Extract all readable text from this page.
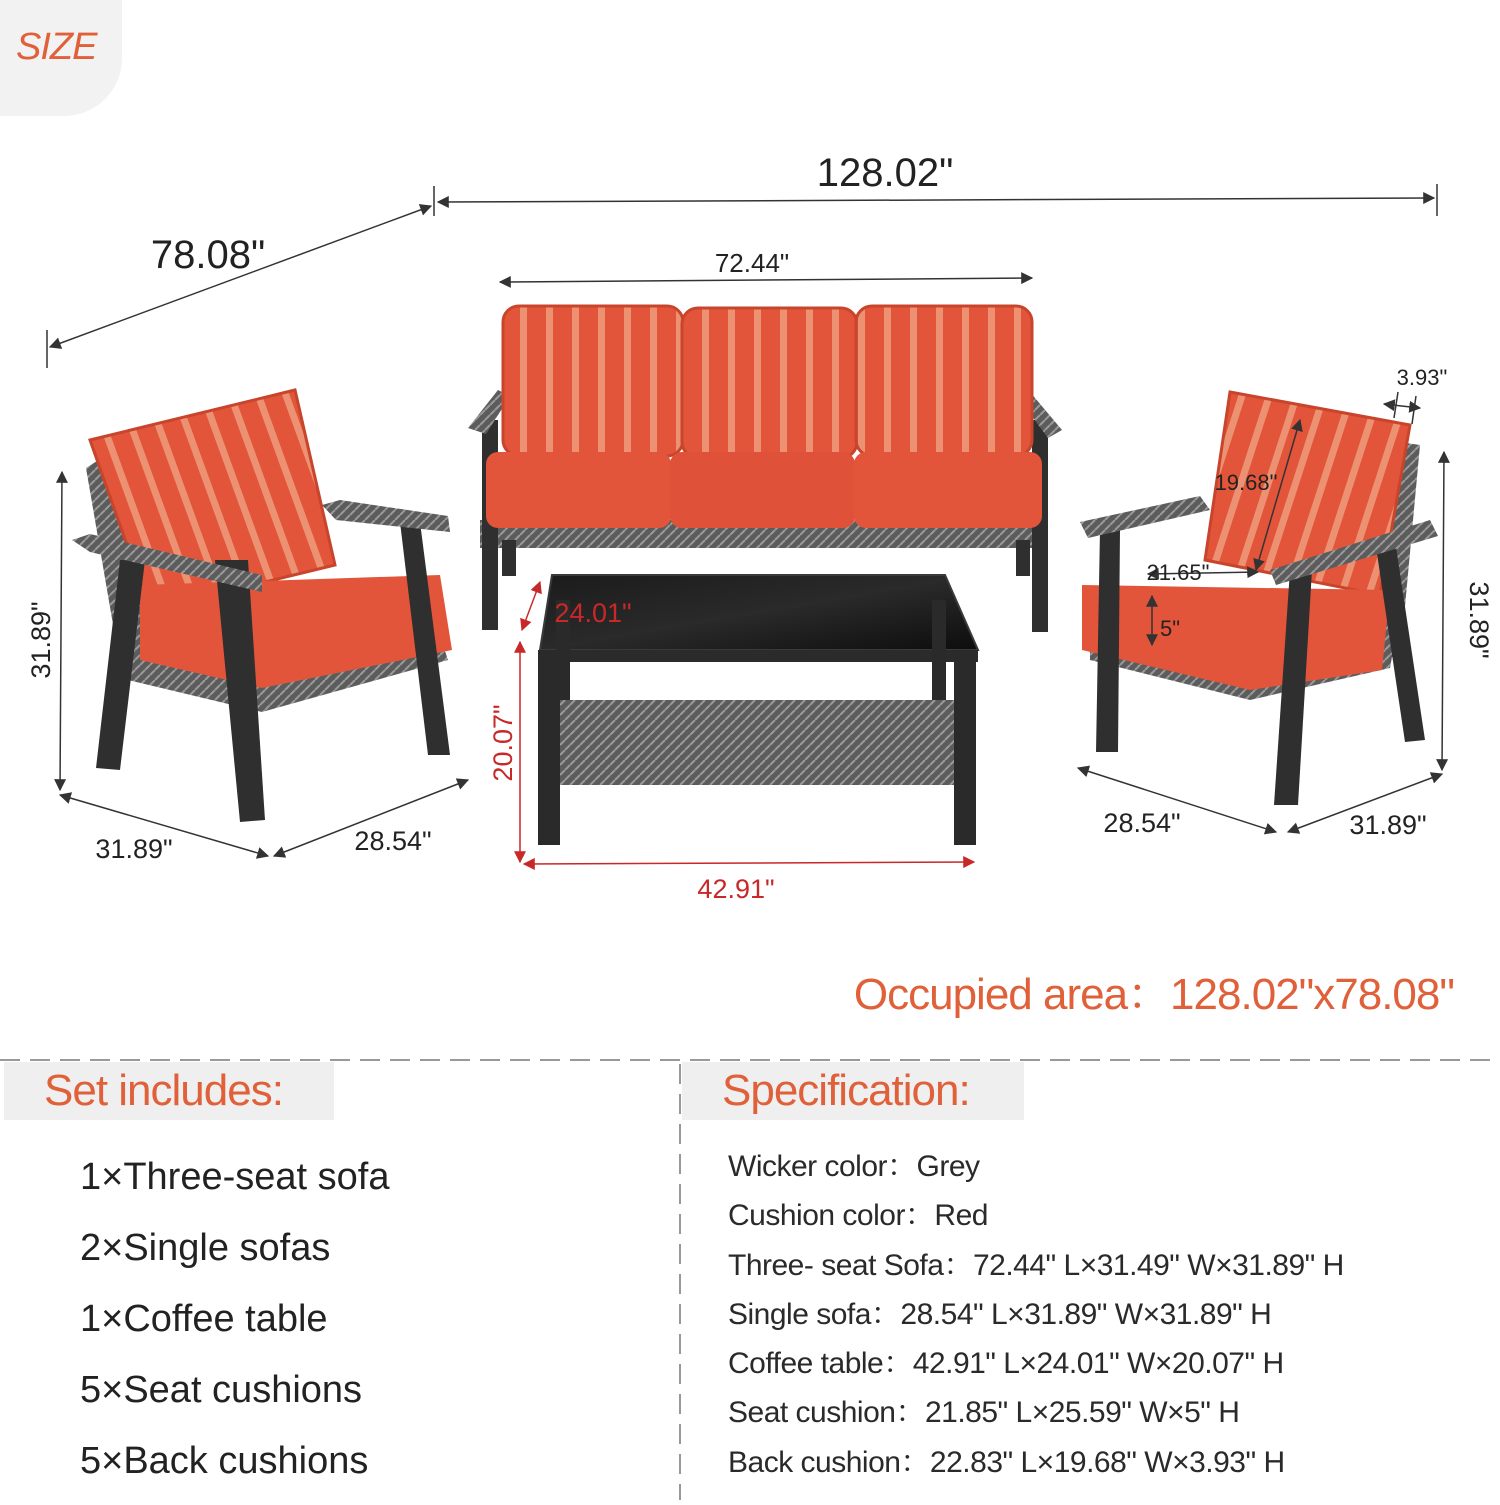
SIZE
128.02"
78.08"	72.44"
31.89"
31.89"	28.54"
24.01"
20.07"
42.91"
3.93"
19.68"
21.65"
5"	31.89"
28.54"	31.89"
Occupied area：128.02"x78.08"
Set includes:
1×Three-seat sofa
2×Single sofas
1×Coffee table
5×Seat cushions
5×Back cushions
Specification:
Wicker color：Grey
Cushion color：Red
Three- seat Sofa：72.44" L×31.49" W×31.89" H
Single sofa：28.54" L×31.89" W×31.89" H
Coffee table：42.91" L×24.01" W×20.07" H
Seat cushion：21.85" L×25.59" W×5" H
Back cushion：22.83" L×19.68" W×3.93" H
